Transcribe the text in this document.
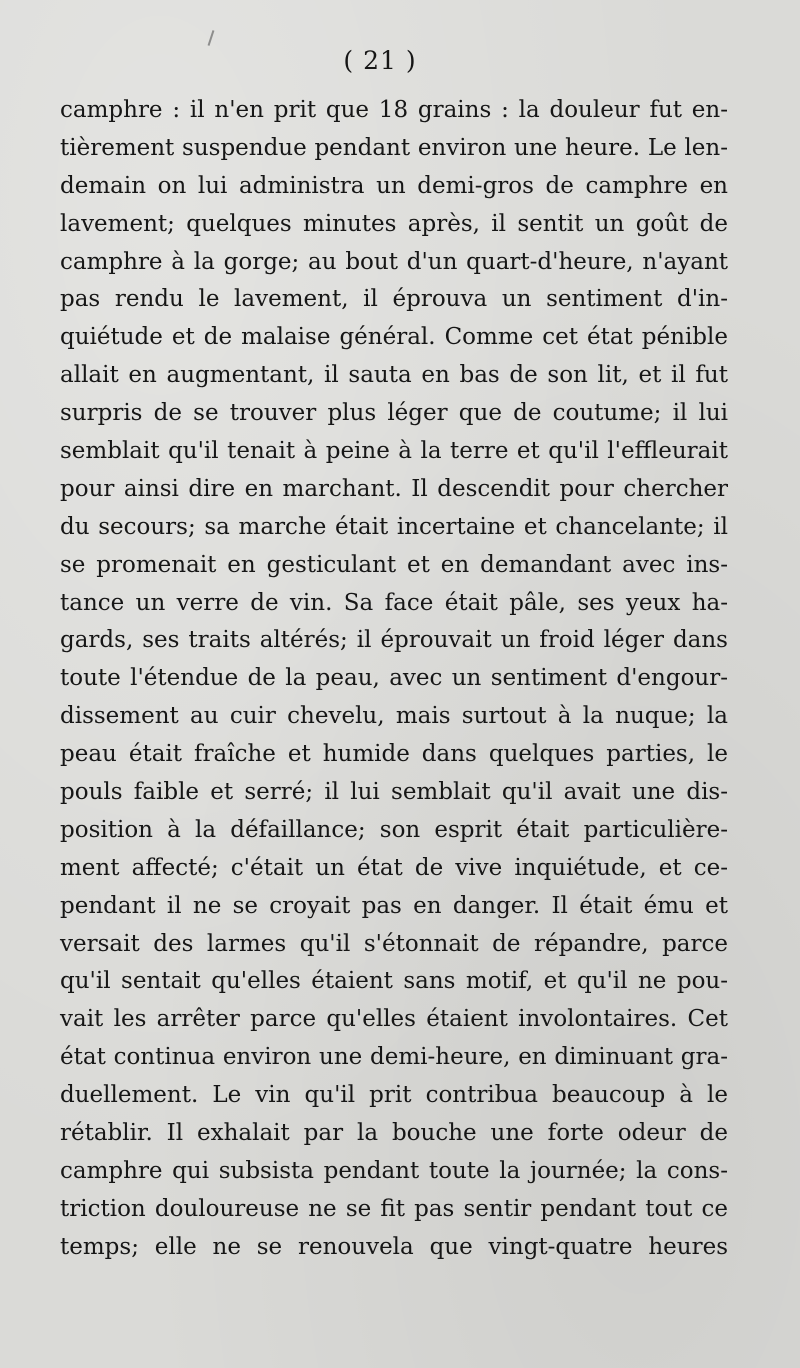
( 21 )
camphre : il n'en prit que 18 grains : la douleur fut en-
tièrement suspendue pendant environ une heure. Le len-
demain on lui administra un demi-gros de camphre en
lavement; quelques minutes après, il sentit un goût de
camphre à la gorge; au bout d'un quart-d'heure, n'ayant
pas rendu le lavement, il éprouva un sentiment d'in-
quiétude et de malaise général. Comme cet état pénible
allait en augmentant, il sauta en bas de son lit, et il fut
surpris de se trouver plus léger que de coutume; il lui
semblait qu'il tenait à peine à la terre et qu'il l'effleurait
pour ainsi dire en marchant. Il descendit pour chercher
du secours; sa marche était incertaine et chancelante; il
se promenait en gesticulant et en demandant avec ins-
tance un verre de vin. Sa face était pâle, ses yeux ha-
gards, ses traits altérés; il éprouvait un froid léger dans
toute l'étendue de la peau, avec un sentiment d'engour-
dissement au cuir chevelu, mais surtout à la nuque; la
peau était fraîche et humide dans quelques parties, le
pouls faible et serré; il lui semblait qu'il avait une dis-
position à la défaillance; son esprit était particulière-
ment affecté; c'était un état de vive inquiétude, et ce-
pendant il ne se croyait pas en danger. Il était ému et
versait des larmes qu'il s'étonnait de répandre, parce
qu'il sentait qu'elles étaient sans motif, et qu'il ne pou-
vait les arrêter parce qu'elles étaient involontaires. Cet
état continua environ une demi-heure, en diminuant gra-
duellement. Le vin qu'il prit contribua beaucoup à le
rétablir. Il exhalait par la bouche une forte odeur de
camphre qui subsista pendant toute la journée; la cons-
triction douloureuse ne se fit pas sentir pendant tout ce
temps; elle ne se renouvela que vingt-quatre heures
